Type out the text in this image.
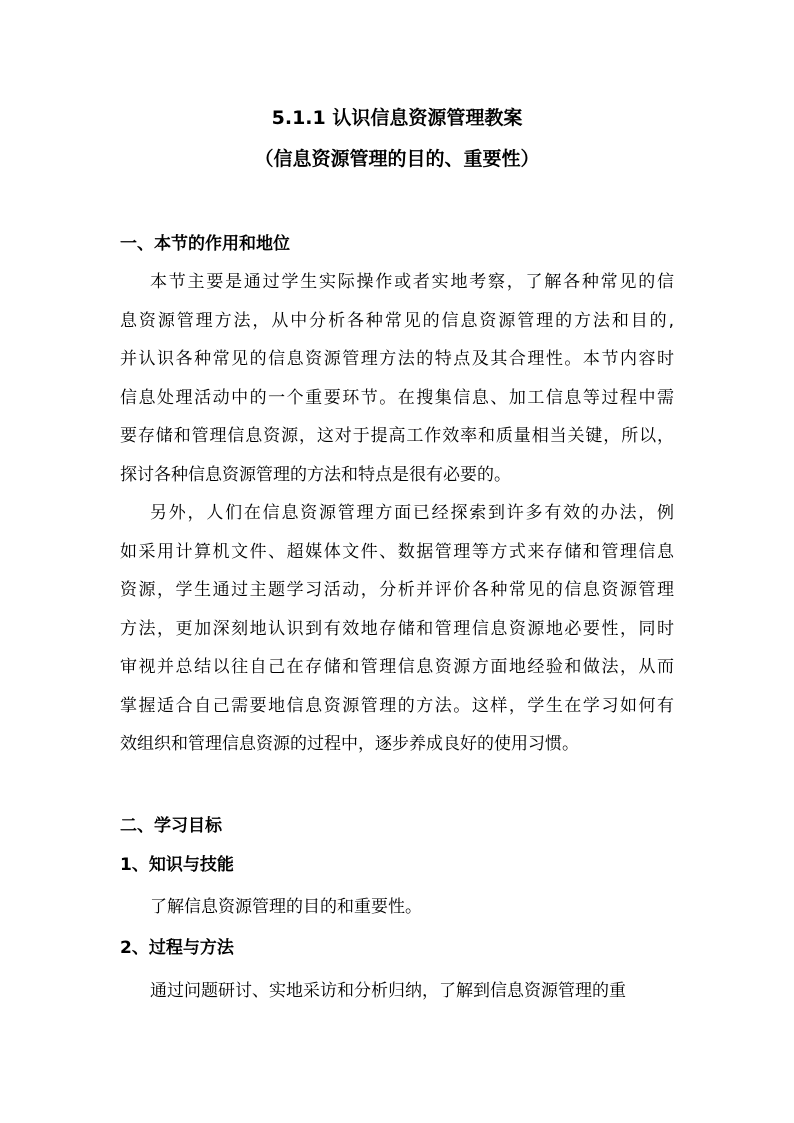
5.1.1 认识信息资源管理教案
（信息资源管理的目的、重要性）
一、本节的作用和地位
本节主要是通过学生实际操作或者实地考察，了解各种常见的信
息资源管理方法，从中分析各种常见的信息资源管理的方法和目的,
并认识各种常见的信息资源管理方法的特点及其合理性。本节内容时
信息处理活动中的一个重要环节。在搜集信息、加工信息等过程中需
要存储和管理信息资源，这对于提高工作效率和质量相当关键，所以，
探讨各种信息资源管理的方法和特点是很有必要的。
另外，人们在信息资源管理方面已经探索到许多有效的办法，例
如采用计算机文件、超媒体文件、数据管理等方式来存储和管理信息
资源，学生通过主题学习活动，分析并评价各种常见的信息资源管理
方法，更加深刻地认识到有效地存储和管理信息资源地必要性，同时
审视并总结以往自己在存储和管理信息资源方面地经验和做法，从而
掌握适合自己需要地信息资源管理的方法。这样，学生在学习如何有
效组织和管理信息资源的过程中，逐步养成良好的使用习惯。
二、学习目标
1、知识与技能
了解信息资源管理的目的和重要性。
2、过程与方法
通过问题研讨、实地采访和分析归纳，了解到信息资源管理的重
